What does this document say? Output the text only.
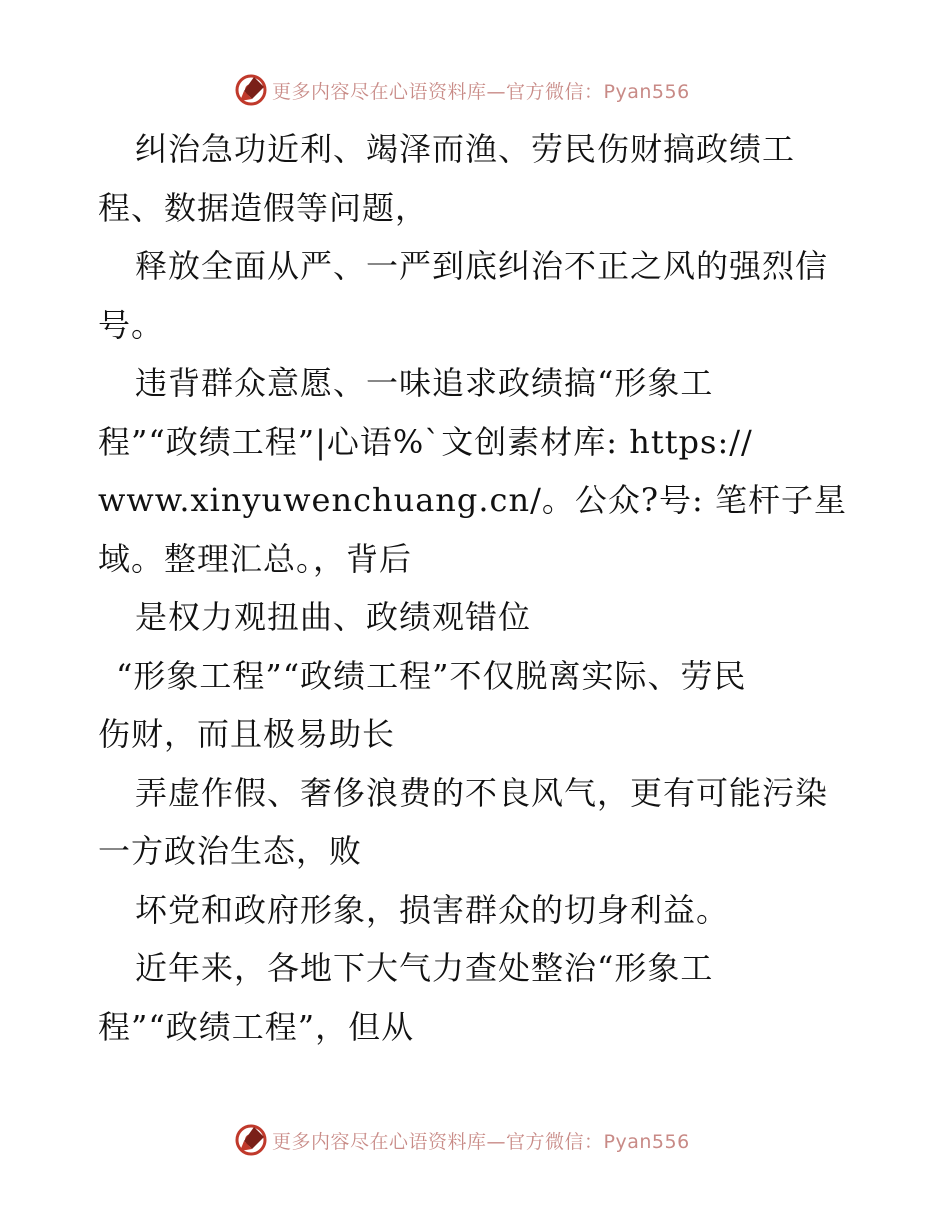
更多内容尽在心语资料库—官方微信：Pyan556
纠治急功近利、竭泽而渔、劳民伤财搞政绩工
程、数据造假等问题，
释放全面从严、一严到底纠治不正之风的强烈信
号。
违背群众意愿、一味追求政绩搞“形象工
程”“政绩工程”|心语%`文创素材库: https://
www.xinyuwenchuang.cn/。公众?号: 笔杆子星
域。整理汇总。，背后
是权力观扭曲、政绩观错位
“形象工程”“政绩工程”不仅脱离实际、劳民
伤财，而且极易助长
弄虚作假、奢侈浪费的不良风气，更有可能污染
一方政治生态，败
坏党和政府形象，损害群众的切身利益。
近年来，各地下大气力查处整治“形象工
程”“政绩工程”，但从
更多内容尽在心语资料库—官方微信：Pyan556
